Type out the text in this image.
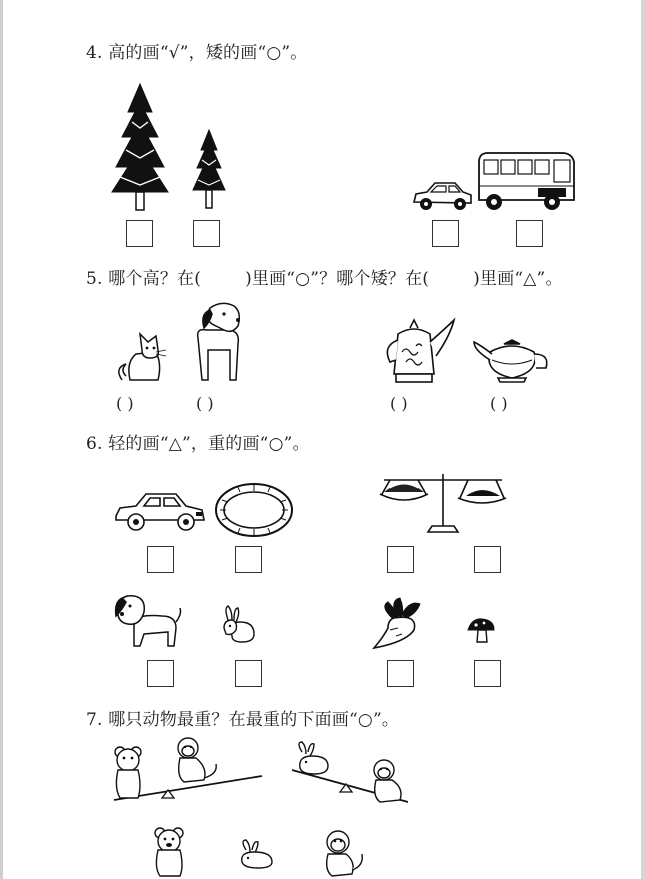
4. 高的画“√”，矮的画“○”。
5. 哪个高？在(	)里画“○”？哪个矮？在(	)里画“△”。
( )	( )	( )	( )
6. 轻的画“△”，重的画“○”。
7. 哪只动物最重？在最重的下面画“○”。
